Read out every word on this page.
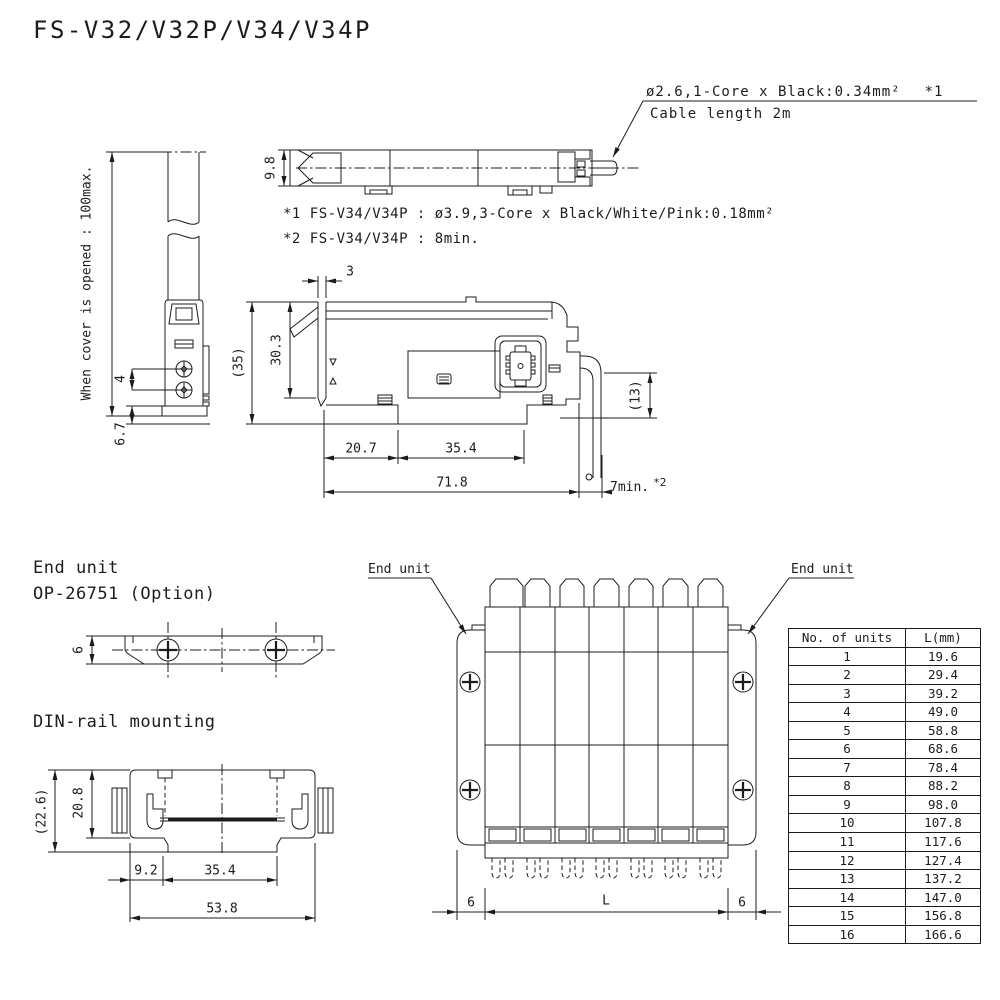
FS-V32/V32P/V34/V34P
ø2.6,1-Core x Black:0.34mm² *1
Cable length 2m
9.8
*1 FS-V34/V34P : ø3.9,3-Core x Black/White/Pink:0.18mm²
*2 FS-V34/V34P : 8min.
When cover is opened : 100max. 4
6.7
3
(35) 30.3
(13)
20.7	35.4
71.8	7min. $^{*2}$
End unit
OP-26751 (Option)
6
DIN-rail mounting
(22.6) 20.8
9.2	35.4
53.8
End unit	End unit
6	L	6
No. of units	L(mm)
1	19.6
2	29.4
3	39.2
4	49.0
5	58.8
6	68.6
7	78.4
8	88.2
9	98.0
10	107.8
11	117.6
12	127.4
13	137.2
14	147.0
15	156.8
16	166.6
